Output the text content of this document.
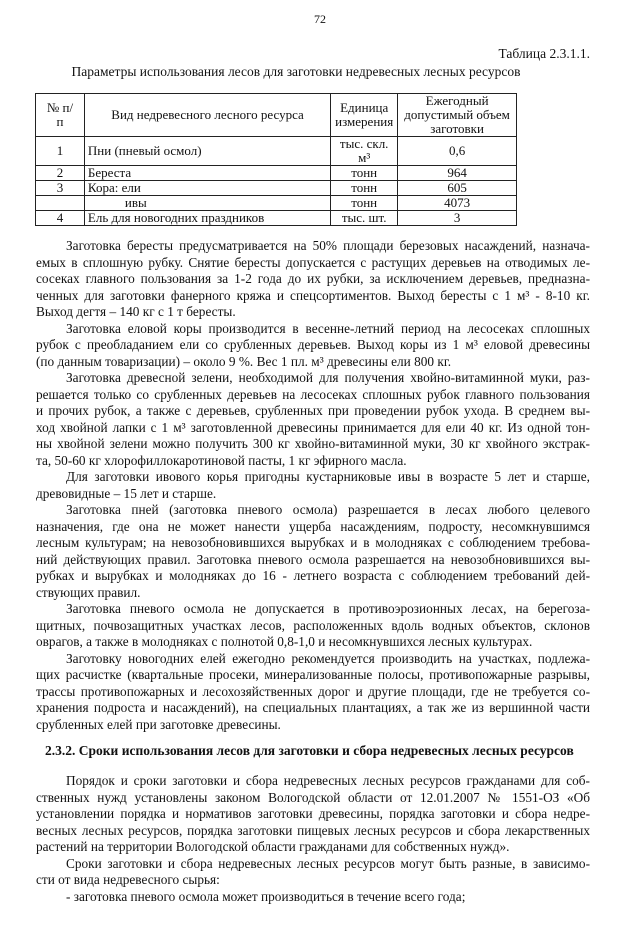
72
Таблица 2.3.1.1.
Параметры использования лесов для заготовки недревесных лесных ресурсов
№ п/п	Вид недревесного лесного ресурса	Единица измерения	Ежегодный допустимый объем заготовки
1	Пни (пневый осмол)	тыс. скл. м³	0,6
2	Береста	тонн	964
3	Кора: ели	тонн	605
	ивы	тонн	4073
4	Ель для новогодних праздников	тыс. шт.	3
Заготовка бересты предусматривается на 50% площади березовых насаждений, назнача-
емых в сплошную рубку. Снятие бересты допускается с растущих деревьев на отводимых ле-
сосеках главного пользования за 1-2 года до их рубки, за исключением деревьев, предназна-
ченных для заготовки фанерного кряжа и спецсортиментов. Выход бересты с 1 м³ - 8-10 кг.
Выход дегтя – 140 кг с 1 т бересты.
Заготовка еловой коры производится в весенне-летний период на лесосеках сплошных
рубок с преобладанием ели со срубленных деревьев. Выход коры из 1 м³ еловой древесины
(по данным товаризации) – около 9 %. Вес 1 пл. м³ древесины ели 800 кг.
Заготовка древесной зелени, необходимой для получения хвойно-витаминной муки, раз-
решается только со срубленных деревьев на лесосеках сплошных рубок главного пользования
и прочих рубок, а также с деревьев, срубленных при проведении рубок ухода. В среднем вы-
ход хвойной лапки с 1 м³ заготовленной древесины принимается для ели 40 кг. Из одной тон-
ны хвойной зелени можно получить 300 кг хвойно-витаминной муки, 30 кг хвойного экстрак-
та, 50-60 кг хлорофиллокаротиновой пасты, 1 кг эфирного масла.
Для заготовки ивового корья пригодны кустарниковые ивы в возрасте 5 лет и старше,
древовидные – 15 лет и старше.
Заготовка пней (заготовка пневого осмола) разрешается в лесах любого целевого
назначения, где она не может нанести ущерба насаждениям, подросту, несомкнувшимся
лесным культурам; на невозобновившихся вырубках и в молодняках с соблюдением требова-
ний действующих правил. Заготовка пневого осмола разрешается на невозобновившихся вы-
рубках и вырубках и молодняках до 16 - летнего возраста с соблюдением требований дей-
ствующих правил.
Заготовка пневого осмола не допускается в противоэрозионных лесах, на берегоза-
щитных, почвозащитных участках лесов, расположенных вдоль водных объектов, склонов
оврагов, а также в молодняках с полнотой 0,8-1,0 и несомкнувшихся лесных культурах.
Заготовку новогодних елей ежегодно рекомендуется производить на участках, подлежа-
щих расчистке (квартальные просеки, минерализованные полосы, противопожарные разрывы,
трассы противопожарных и лесохозяйственных дорог и другие площади, где не требуется со-
хранения подроста и насаждений), на специальных плантациях, а так же из вершинной части
срубленных елей при заготовке древесины.
2.3.2. Сроки использования лесов для заготовки и сбора недревесных лесных ресурсов
Порядок и сроки заготовки и сбора недревесных лесных ресурсов гражданами для соб-
ственных нужд установлены законом Вологодской области от 12.01.2007 № 1551-ОЗ «Об
установлении порядка и нормативов заготовки древесины, порядка заготовки и сбора недре-
весных лесных ресурсов, порядка заготовки пищевых лесных ресурсов и сбора лекарственных
растений на территории Вологодской области гражданами для собственных нужд».
Сроки заготовки и сбора недревесных лесных ресурсов могут быть разные, в зависимо-
сти от вида недревесного сырья:
- заготовка пневого осмола может производиться в течение всего года;
